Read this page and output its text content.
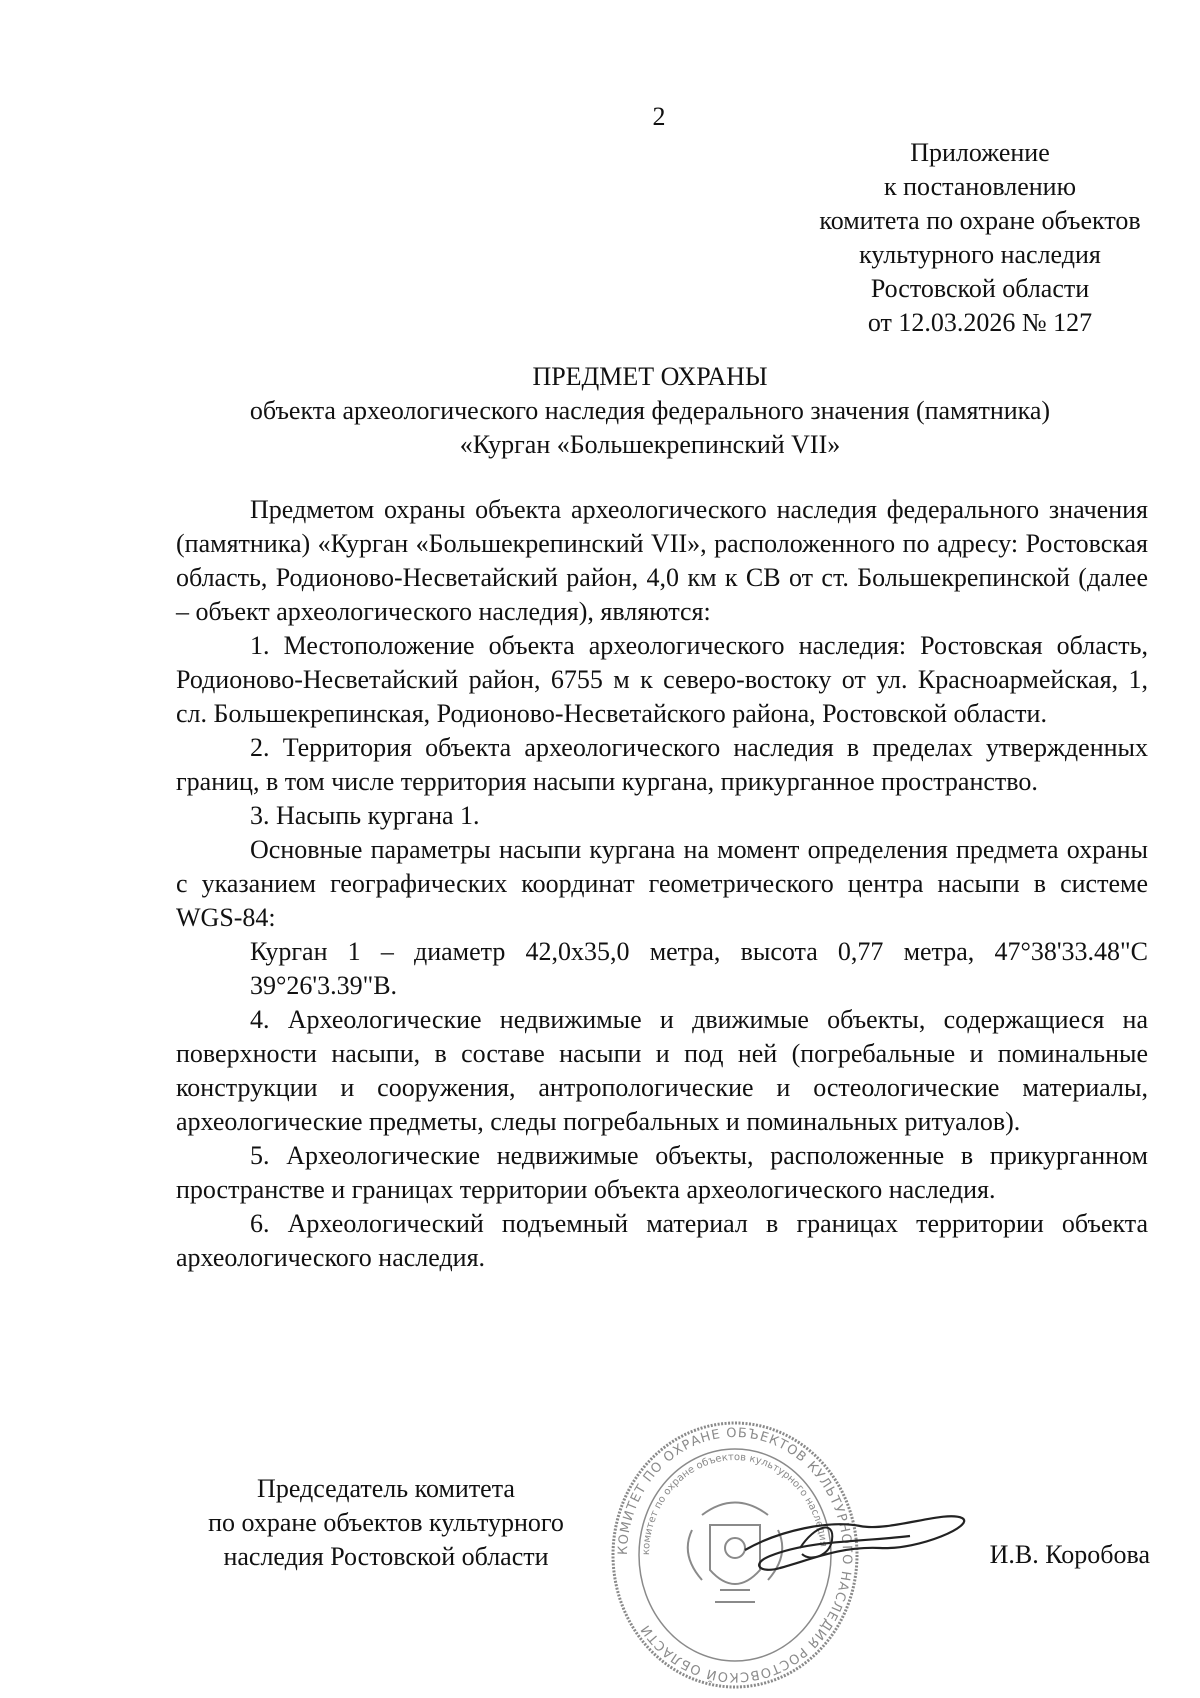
2
Приложение
к постановлению
комитета по охране объектов
культурного наследия
Ростовской области
от 12.03.2026 № 127
ПРЕДМЕТ ОХРАНЫ
объекта археологического наследия федерального значения (памятника)
«Курган «Большекрепинский VII»

Предметом охраны объекта археологического наследия федерального значения (памятника) «Курган «Большекрепинский VII», расположенного по адресу: Ростовская область, Родионово-Несветайский район, 4,0 км к СВ от ст. Большекрепинской (далее – объект археологического наследия), являются:

1. Местоположение объекта археологического наследия: Ростовская область, Родионово-Несветайский район, 6755 м к северо-востоку от ул. Красноармейская, 1, сл. Большекрепинская, Родионово-Несветайского района, Ростовской области.

2. Территория объекта археологического наследия в пределах утвержденных границ, в том числе территория насыпи кургана, прикурганное пространство.

3. Насыпь кургана 1.

Основные параметры насыпи кургана на момент определения предмета охраны с указанием географических координат геометрического центра насыпи в системе WGS-84:

Курган 1 – диаметр 42,0х35,0 метра, высота 0,77 метра, 47°38'33.48"С 39°26'3.39"В.

4. Археологические недвижимые и движимые объекты, содержащиеся на поверхности насыпи, в составе насыпи и под ней (погребальные и поминальные конструкции и сооружения, антропологические и остеологические материалы, археологические предметы, следы погребальных и поминальных ритуалов).

5. Археологические недвижимые объекты, расположенные в прикурганном пространстве и границах территории объекта археологического наследия.

6. Археологический подъемный материал в границах территории объекта археологического наследия.

Председатель комитета
по охране объектов культурного
наследия Ростовской области	КОМИТЕТ ПО ОХРАНЕ ОБЪЕКТОВ КУЛЬТУРНОГО НАСЛЕДИЯ РОСТОВСКОЙ ОБЛАСТИ
комитет по охране объектов культурного наследия	И.В. Коробова
